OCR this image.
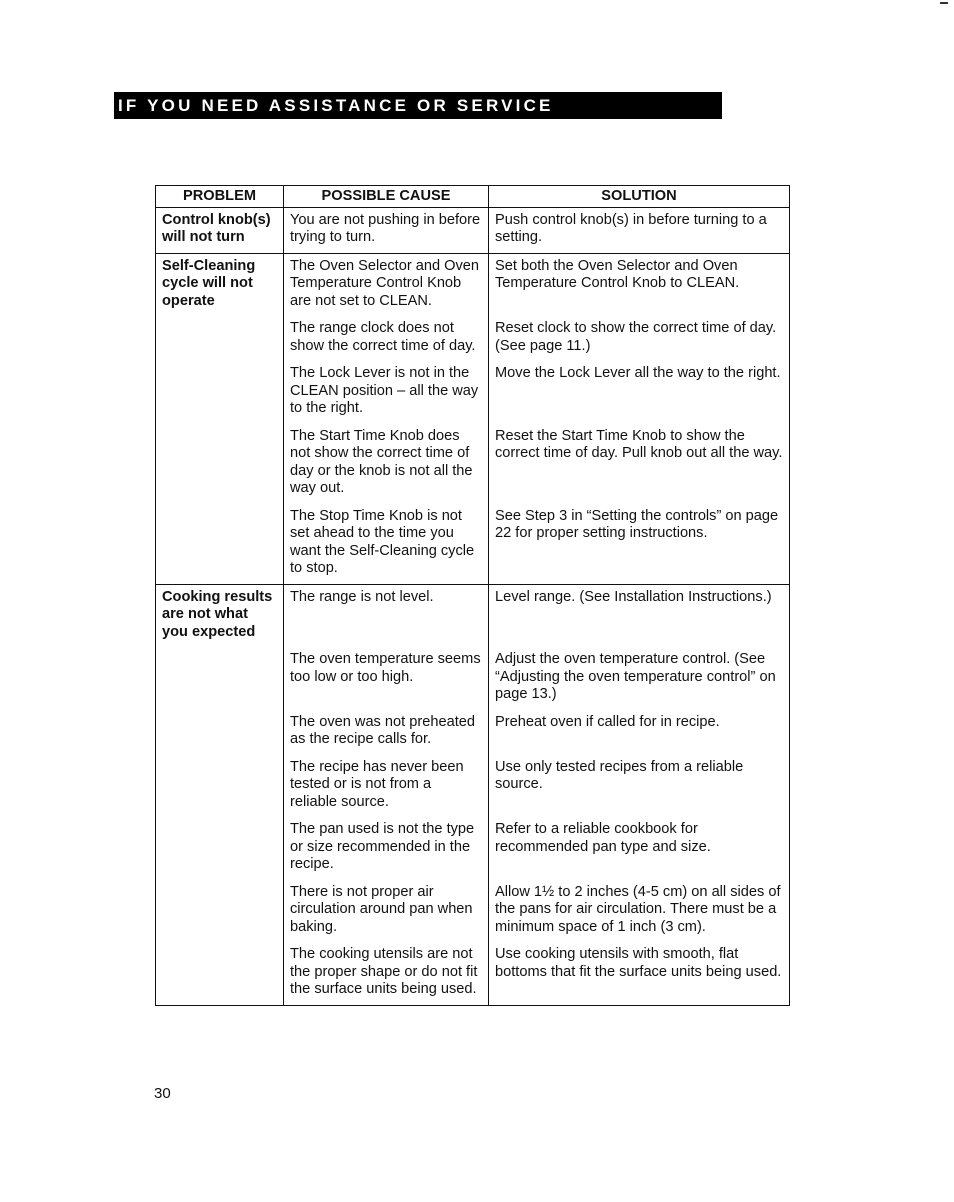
IF YOU NEED ASSISTANCE OR SERVICE
PROBLEM	POSSIBLE CAUSE	SOLUTION

Control knob(s) will not turn	You are not pushing in before trying to turn.	Push control knob(s) in before turning to a setting.

Self-Cleaning cycle will not operate	The Oven Selector and Oven Temperature Control Knob are not set to CLEAN.	Set both the Oven Selector and Oven Temperature Control Knob to CLEAN.

	The range clock does not show the correct time of day.	Reset clock to show the correct time of day. (See page 11.)

	The Lock Lever is not in the CLEAN position – all the way to the right.	Move the Lock Lever all the way to the right.

	The Start Time Knob does not show the correct time of day or the knob is not all the way out.	Reset the Start Time Knob to show the correct time of day. Pull knob out all the way.

	The Stop Time Knob is not set ahead to the time you want the Self-Cleaning cycle to stop.	See Step 3 in “Setting the controls” on page 22 for proper setting instructions.

Cooking results are not what you expected	The range is not level.	Level range. (See Installation Instructions.)

	The oven temperature seems too low or too high.	Adjust the oven temperature control. (See “Adjusting the oven temperature control” on page 13.)

	The oven was not preheated as the recipe calls for.	Preheat oven if called for in recipe.

	The recipe has never been tested or is not from a reliable source.	Use only tested recipes from a reliable source.

	The pan used is not the type or size recommended in the recipe.	Refer to a reliable cookbook for recommended pan type and size.

	There is not proper air circulation around pan when baking.	Allow 1½ to 2 inches (4-5 cm) on all sides of the pans for air circulation. There must be a minimum space of 1 inch (3 cm).

	The cooking utensils are not the proper shape or do not fit the surface units being used.	Use cooking utensils with smooth, flat bottoms that fit the surface units being used.
30
